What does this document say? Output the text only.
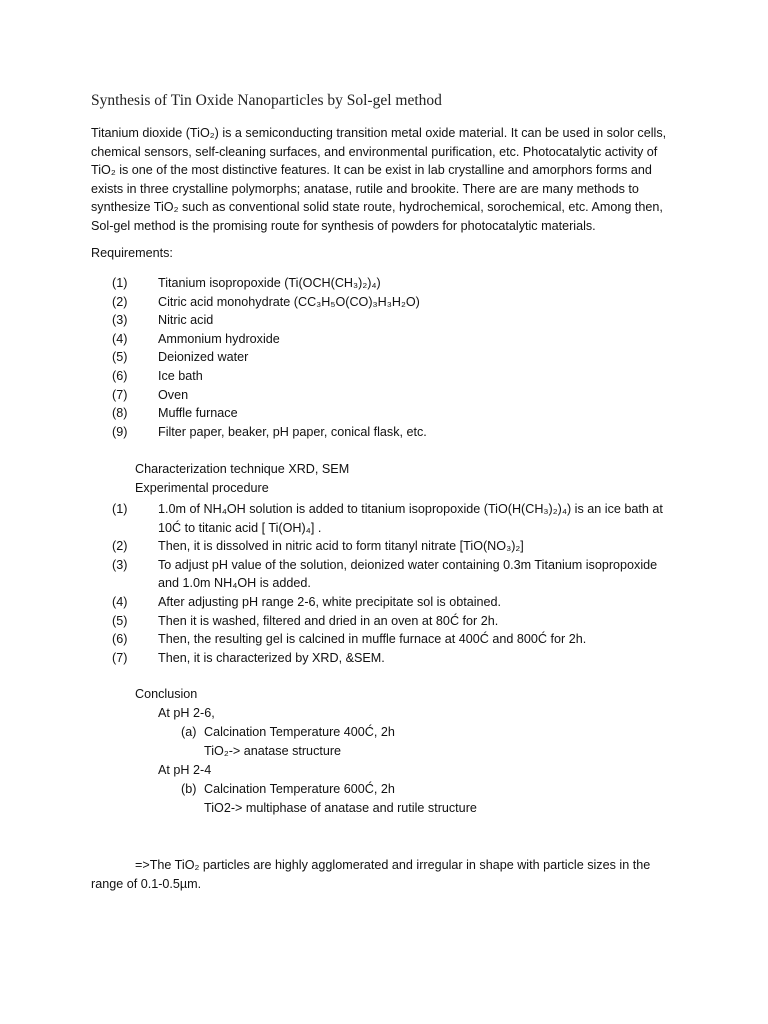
Synthesis of Tin Oxide Nanoparticles by Sol-gel method
Titanium dioxide (TiO₂) is a semiconducting transition metal oxide material. It can be used in solor cells,
chemical sensors, self-cleaning surfaces, and environmental purification, etc. Photocatalytic activity of
TiO₂ is one of the most distinctive features. It can be exist in lab crystalline and amorphors forms and
exists in three crystalline polymorphs; anatase, rutile and brookite. There are are many methods to
synthesize TiO₂ such as conventional solid state route, hydrochemical, sorochemical, etc. Among then,
Sol-gel method is the promising route for synthesis of powders for photocatalytic materials.
Requirements:
(1) Titanium isopropoxide (Ti(OCH(CH₃)₂)₄)
(2) Citric acid monohydrate (CC₃H₅O(CO)₃H₃H₂O)
(3) Nitric acid
(4) Ammonium hydroxide
(5) Deionized water
(6) Ice bath
(7) Oven
(8) Muffle furnace
(9) Filter paper, beaker, pH paper, conical flask, etc.
Characterization technique XRD, SEM
Experimental procedure
(1) 1.0m of NH₄OH solution is added to titanium isopropoxide (TiO(H(CH₃)₂)₄) is an ice bath at
10Ć to titanic acid [ Ti(OH)₄] .
(2) Then, it is dissolved in nitric acid to form titanyl nitrate [TiO(NO₃)₂]
(3) To adjust pH value of the solution, deionized water containing 0.3m Titanium isopropoxide
and 1.0m NH₄OH is added.
(4) After adjusting pH range 2-6, white precipitate sol is obtained.
(5) Then it is washed, filtered and dried in an oven at 80Ć for 2h.
(6) Then, the resulting gel is calcined in muffle furnace at 400Ć and 800Ć for 2h.
(7) Then, it is characterized by XRD, &SEM.
Conclusion
At pH 2-6,
(a) Calcination Temperature 400Ć, 2h
TiO₂-> anatase structure
At pH 2-4
(b) Calcination Temperature 600Ć, 2h
TiO2-> multiphase of anatase and rutile structure
=>The TiO₂ particles are highly agglomerated and irregular in shape with particle sizes in the
range of 0.1-0.5µm.
